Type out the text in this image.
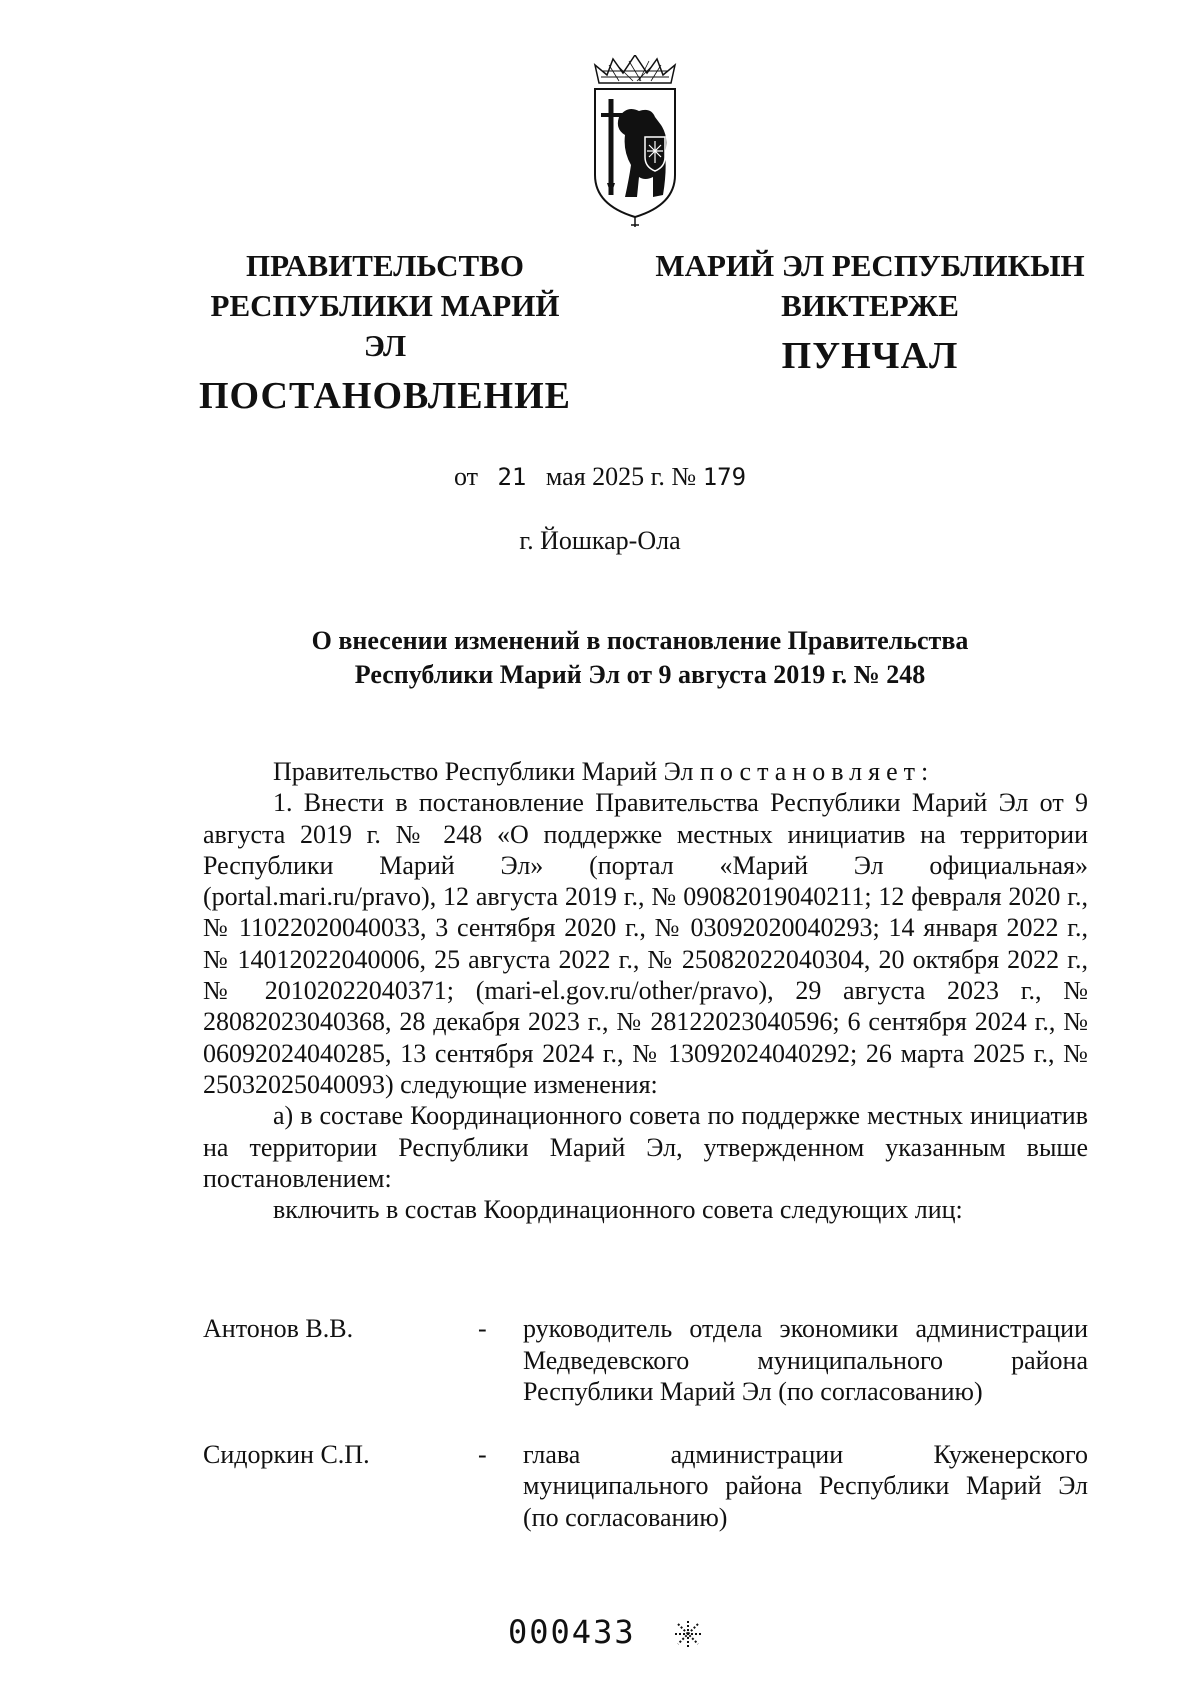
ПРАВИТЕЛЬСТВО
РЕСПУБЛИКИ МАРИЙ ЭЛ
ПОСТАНОВЛЕНИЕ
МАРИЙ ЭЛ РЕСПУБЛИКЫН
ВИКТЕРЖЕ
ПУНЧАЛ
от 21 мая 2025 г. № 179
г. Йошкар-Ола
О внесении изменений в постановление Правительства
Республики Марий Эл от 9 августа 2019 г. № 248

Правительство Республики Марий Эл постановляет:

1. Внести в постановление Правительства Республики Марий Эл от 9 августа 2019 г. № 248 «О поддержке местных инициатив на территории Республики Марий Эл» (портал «Марий Эл официальная» (portal.mari.ru/pravo), 12 августа 2019 г., № 09082019040211; 12 февраля 2020 г., № 11022020040033, 3 сентября 2020 г., № 03092020040293; 14 января 2022 г., № 14012022040006, 25 августа 2022 г., № 25082022040304, 20 октября 2022 г., № 20102022040371; (mari-el.gov.ru/other/pravo), 29 августа 2023 г., № 28082023040368, 28 декабря 2023 г., № 28122023040596; 6 сентября 2024 г., № 06092024040285, 13 сентября 2024 г., № 13092024040292; 26 марта 2025 г., № 25032025040093) следующие изменения:

а) в составе Координационного совета по поддержке местных инициатив на территории Республики Марий Эл, утвержденном указанным выше постановлением:

включить в состав Координационного совета следующих лиц:

Антонов В.В.	-	руководитель отдела экономики администрации Медведевского муниципального района Республики Марий Эл (по согласованию)
Сидоркин С.П.	-	глава администрации Куженерского муниципального района Республики Марий Эл (по согласованию)
000433
